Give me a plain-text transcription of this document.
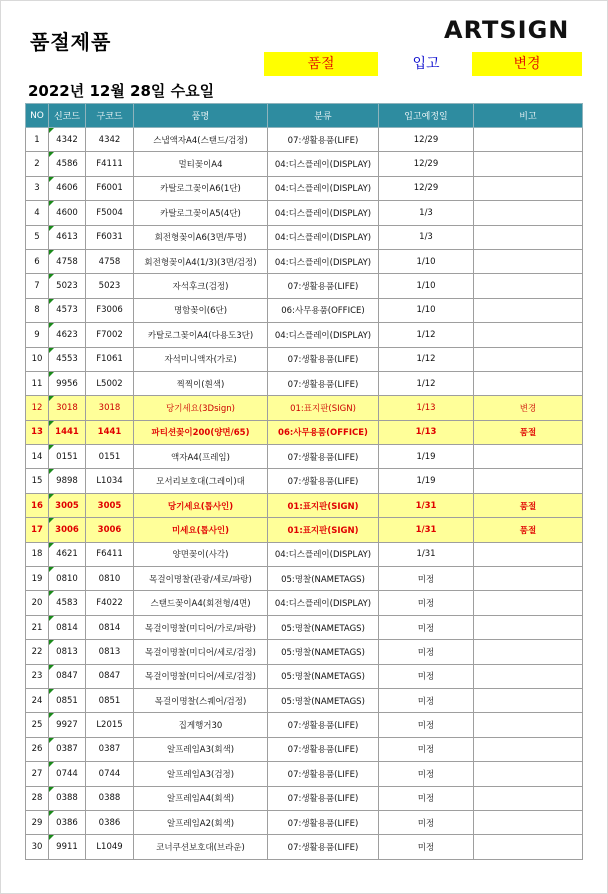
품절제품	ARTSIGN
품절	입고	변경
2022년 12월 28일 수요일
NO	신코드	구코드	품명	분류	입고예정일	비고
1	4342	4342	스냅액자A4(스탠드/검정)	07:생활용품(LIFE)	12/29	
2	4586	F4111	멀티꽂이A4	04:디스플레이(DISPLAY)	12/29	
3	4606	F6001	카탈로그꽂이A6(1단)	04:디스플레이(DISPLAY)	12/29	
4	4600	F5004	카탈로그꽂이A5(4단)	04:디스플레이(DISPLAY)	1/3	
5	4613	F6031	회전형꽂이A6(3면/투명)	04:디스플레이(DISPLAY)	1/3	
6	4758	4758	회전형꽂이A4(1/3)(3면/검정)	04:디스플레이(DISPLAY)	1/10	
7	5023	5023	자석후크(검정)	07:생활용품(LIFE)	1/10	
8	4573	F3006	명함꽂이(6단)	06:사무용품(OFFICE)	1/10	
9	4623	F7002	카탈로그꽂이A4(다용도3단)	04:디스플레이(DISPLAY)	1/12	
10	4553	F1061	자석미니액자(가로)	07:생활용품(LIFE)	1/12	
11	9956	L5002	찍찍이(흰색)	07:생활용품(LIFE)	1/12	
12	3018	3018	당기세요(3Dsign)	01:표지판(SIGN)	1/13	변경
13	1441	1441	파티션꽂이200(양면/65)	06:사무용품(OFFICE)	1/13	품절
14	0151	0151	액자A4(프레임)	07:생활용품(LIFE)	1/19	
15	9898	L1034	모서리보호대(그레이)대	07:생활용품(LIFE)	1/19	
16	3005	3005	당기세요(톱사인)	01:표지판(SIGN)	1/31	품절
17	3006	3006	미세요(톱사인)	01:표지판(SIGN)	1/31	품절
18	4621	F6411	양면꽂이(사각)	04:디스플레이(DISPLAY)	1/31	
19	0810	0810	목걸이명찰(관광/세로/파랑)	05:명찰(NAMETAGS)	미정	
20	4583	F4022	스탠드꽂이A4(회전형/4면)	04:디스플레이(DISPLAY)	미정	
21	0814	0814	목걸이명찰(미디어/가로/파랑)	05:명찰(NAMETAGS)	미정	
22	0813	0813	목걸이명찰(미디어/세로/검정)	05:명찰(NAMETAGS)	미정	
23	0847	0847	목걸이명찰(미디어/세로/검정)	05:명찰(NAMETAGS)	미정	
24	0851	0851	목걸이명찰(스퀘어/검정)	05:명찰(NAMETAGS)	미정	
25	9927	L2015	집게행거30	07:생활용품(LIFE)	미정	
26	0387	0387	알프레임A3(회색)	07:생활용품(LIFE)	미정	
27	0744	0744	알프레임A3(검정)	07:생활용품(LIFE)	미정	
28	0388	0388	알프레임A4(회색)	07:생활용품(LIFE)	미정	
29	0386	0386	알프레임A2(회색)	07:생활용품(LIFE)	미정	
30	9911	L1049	코너쿠션보호대(브라운)	07:생활용품(LIFE)	미정	
